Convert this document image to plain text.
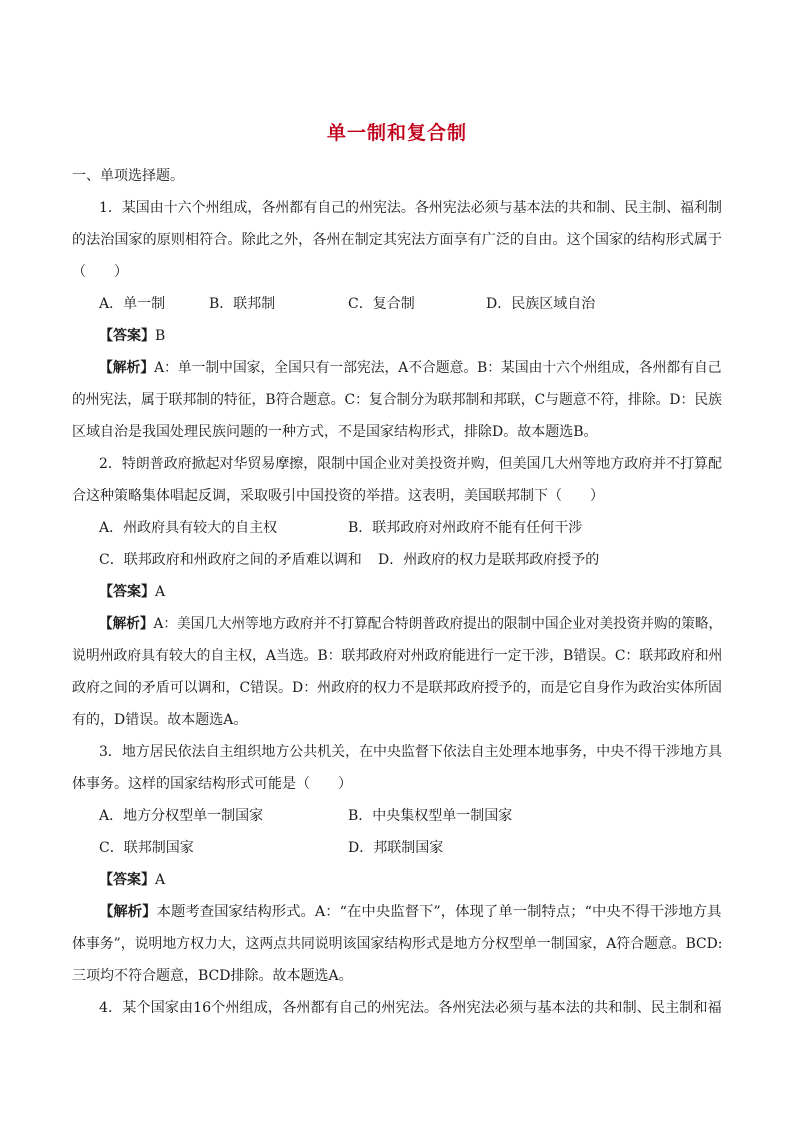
单一制和复合制
一、单项选择题。
1．某国由十六个州组成，各州都有自己的州宪法。各州宪法必须与基本法的共和制、民主制、福利制
的法治国家的原则相符合。除此之外，各州在制定其宪法方面享有广泛的自由。这个国家的结构形式属于
（　　）
A．单一制	B．联邦制	C．复合制	D．民族区域自治
【答案】B
【解析】A：单一制中国家，全国只有一部宪法，A不合题意。B：某国由十六个州组成，各州都有自己
的州宪法，属于联邦制的特征，B符合题意。C：复合制分为联邦制和邦联，C与题意不符，排除。D：民族
区域自治是我国处理民族问题的一种方式，不是国家结构形式，排除D。故本题选B。
2．特朗普政府掀起对华贸易摩擦，限制中国企业对美投资并购，但美国几大州等地方政府并不打算配
合这种策略集体唱起反调，采取吸引中国投资的举措。这表明，美国联邦制下（　　）
A．州政府具有较大的自主权	B．联邦政府对州政府不能有任何干涉
C．联邦政府和州政府之间的矛盾难以调和 D．州政府的权力是联邦政府授予的
【答案】A
【解析】A：美国几大州等地方政府并不打算配合特朗普政府提出的限制中国企业对美投资并购的策略，
说明州政府具有较大的自主权，A当选。B：联邦政府对州政府能进行一定干涉，B错误。C：联邦政府和州
政府之间的矛盾可以调和，C错误。D：州政府的权力不是联邦政府授予的，而是它自身作为政治实体所固
有的，D错误。故本题选A。
3．地方居民依法自主组织地方公共机关，在中央监督下依法自主处理本地事务，中央不得干涉地方具
体事务。这样的国家结构形式可能是（　　）
A．地方分权型单一制国家	B．中央集权型单一制国家
C．联邦制国家	D．邦联制国家
【答案】A
【解析】本题考查国家结构形式。A：“在中央监督下”，体现了单一制特点；“中央不得干涉地方具
体事务”，说明地方权力大，这两点共同说明该国家结构形式是地方分权型单一制国家，A符合题意。BCD:
三项均不符合题意，BCD排除。故本题选A。
4．某个国家由16个州组成，各州都有自己的州宪法。各州宪法必须与基本法的共和制、民主制和福
